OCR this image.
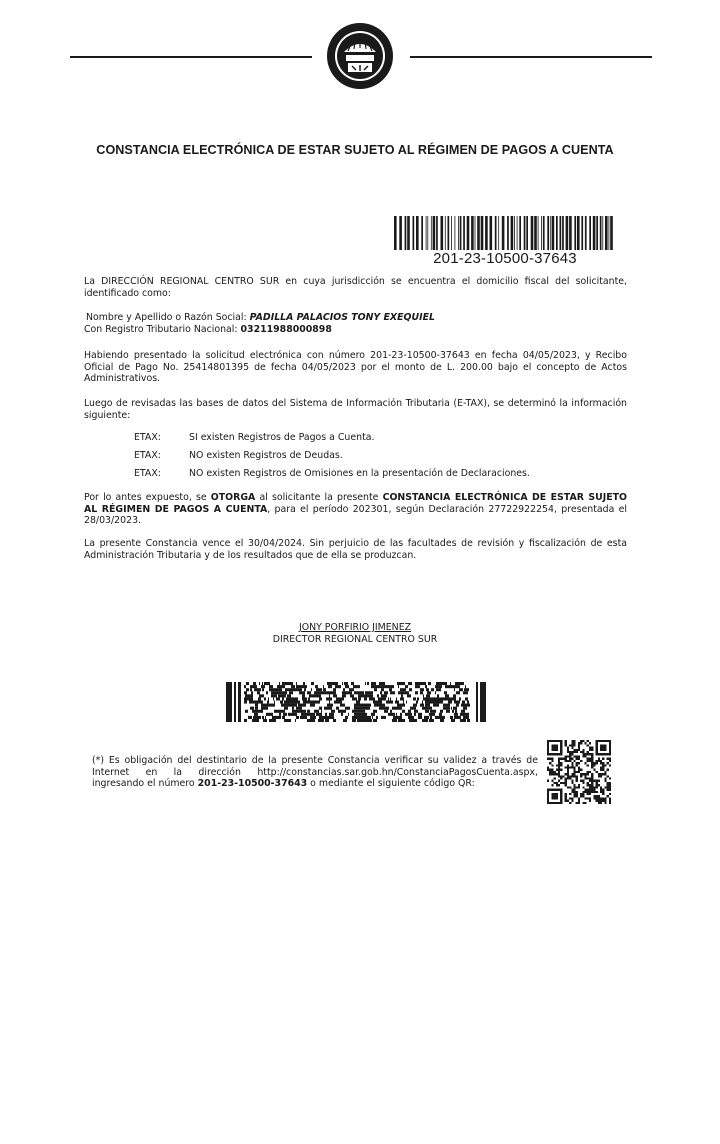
CONSTANCIA ELECTRÓNICA DE ESTAR SUJETO AL RÉGIMEN DE PAGOS A CUENTA
201-23-10500-37643
La DIRECCIÓN REGIONAL CENTRO SUR en cuya jurisdicción se encuentra el domicilio fiscal del solicitante, identificado como:
Nombre y Apellido o Razón Social: PADILLA PALACIOS TONY EXEQUIEL
Con Registro Tributario Nacional: 03211988000898
Habiendo presentado la solicitud electrónica con número 201-23-10500-37643 en fecha 04/05/2023, y Recibo Oficial de Pago No. 25414801395 de fecha 04/05/2023 por el monto de L. 200.00 bajo el concepto de Actos Administrativos.
Luego de revisadas las bases de datos del Sistema de Información Tributaria (E-TAX), se determinó la información siguiente:
ETAX:	SI existen Registros de Pagos a Cuenta.
ETAX:	NO existen Registros de Deudas.
ETAX:	NO existen Registros de Omisiones en la presentación de Declaraciones.
Por lo antes expuesto, se OTORGA al solicitante la presente CONSTANCIA ELECTRÓNICA DE ESTAR SUJETO AL RÉGIMEN DE PAGOS A CUENTA, para el período 202301, según Declaración 27722922254, presentada el 28/03/2023.
La presente Constancia vence el 30/04/2024. Sin perjuicio de las facultades de revisión y fiscalización de esta Administración Tributaria y de los resultados que de ella se produzcan.
JONY PORFIRIO JIMENEZ
DIRECTOR REGIONAL CENTRO SUR
(*) Es obligación del destintario de la presente Constancia verificar su validez a través de Internet en la dirección http://constancias.sar.gob.hn/ConstanciaPagosCuenta.aspx, ingresando el número 201-23-10500-37643 o mediante el siguiente código QR:
